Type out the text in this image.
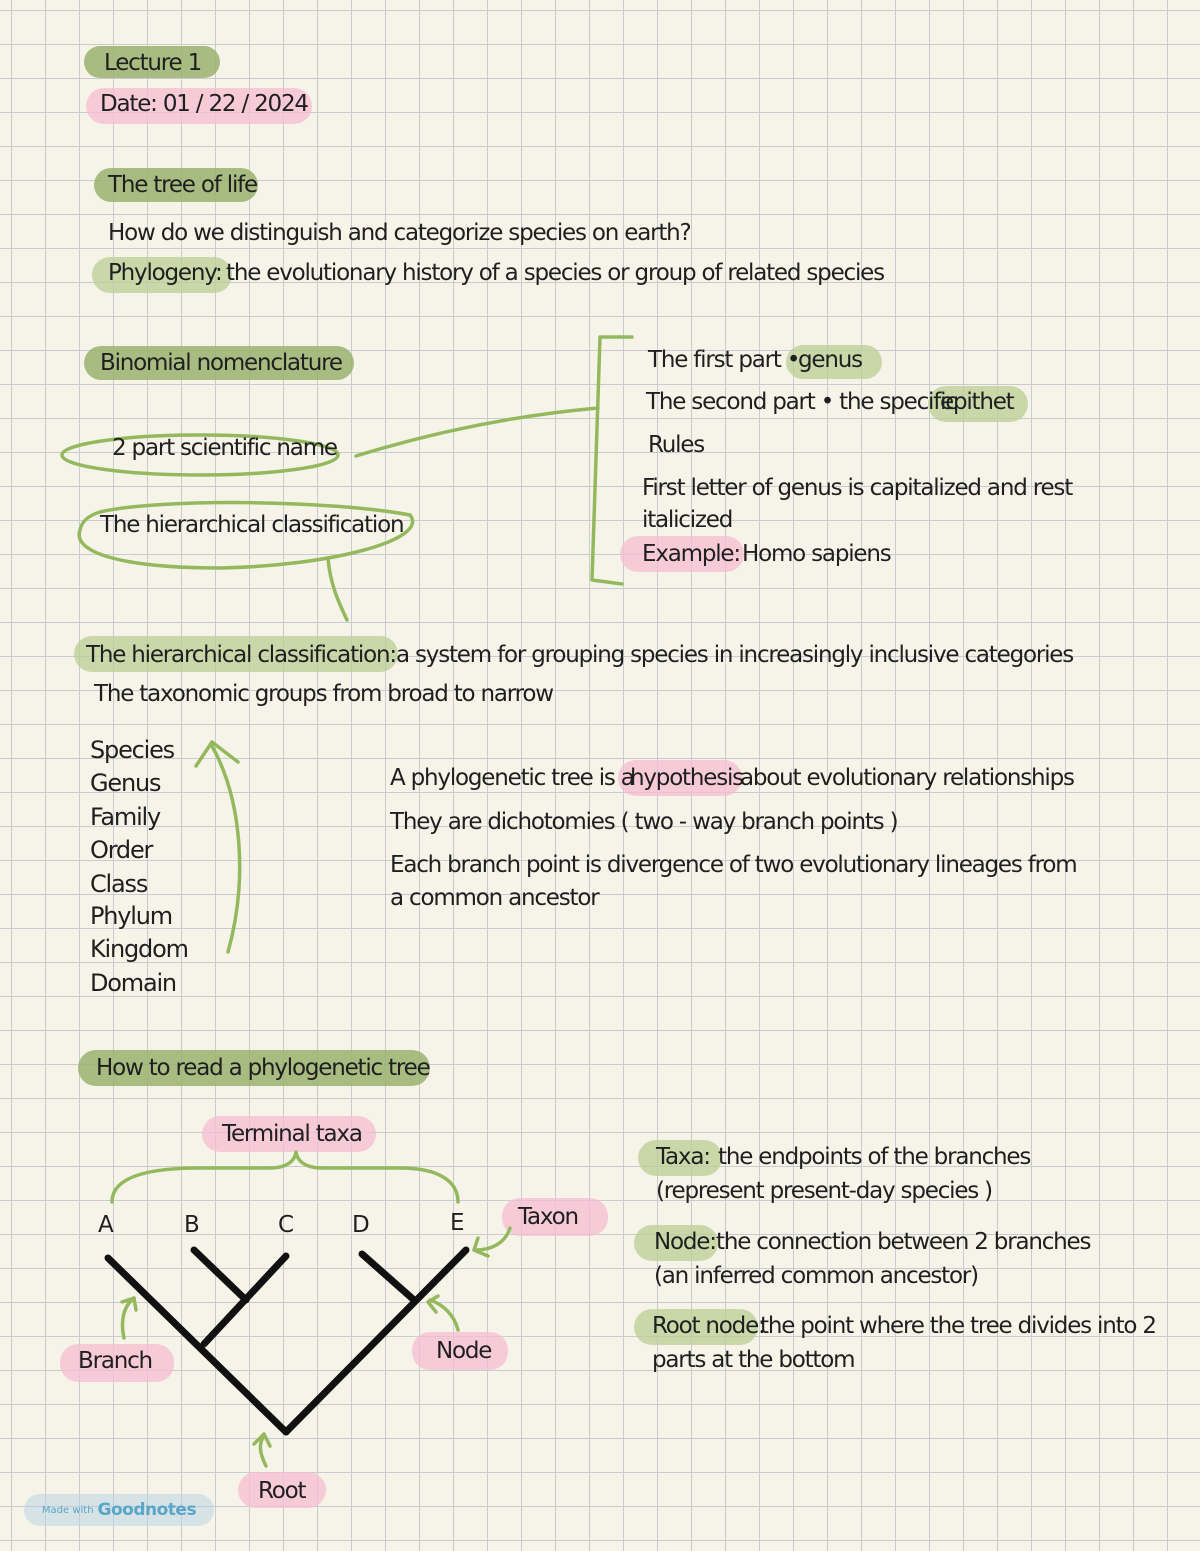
Lecture 1
Date: 01 / 22 / 2024
The tree of life
How do we distinguish and categorize species on earth?
Phylogeny: the evolutionary history of a species or group of related species
Binomial nomenclature
2 part scientific name
The hierarchical classification
The first part •
genus
The second part • the specific
epithet
Rules
First letter of genus is capitalized and rest
italicized
Example: Homo sapiens
The hierarchical classification: a system for grouping species in increasingly inclusive categories
The taxonomic groups from broad to narrow
Species
Genus
Family
Order
Class
Phylum
Kingdom
Domain
A phylogenetic tree is a
hypothesis
about evolutionary relationships
They are dichotomies ( two - way branch points )
Each branch point is divergence of two evolutionary lineages from
a common ancestor
How to read a phylogenetic tree
Terminal taxa
A	B	C	D	E Taxon
Branch	Node
Root
Taxa: the endpoints of the branches
(represent present-day species )
Node: the connection between 2 branches
(an inferred common ancestor)
Root node:
the point where the tree divides into 2
parts at the bottom
Made with Goodnotes
